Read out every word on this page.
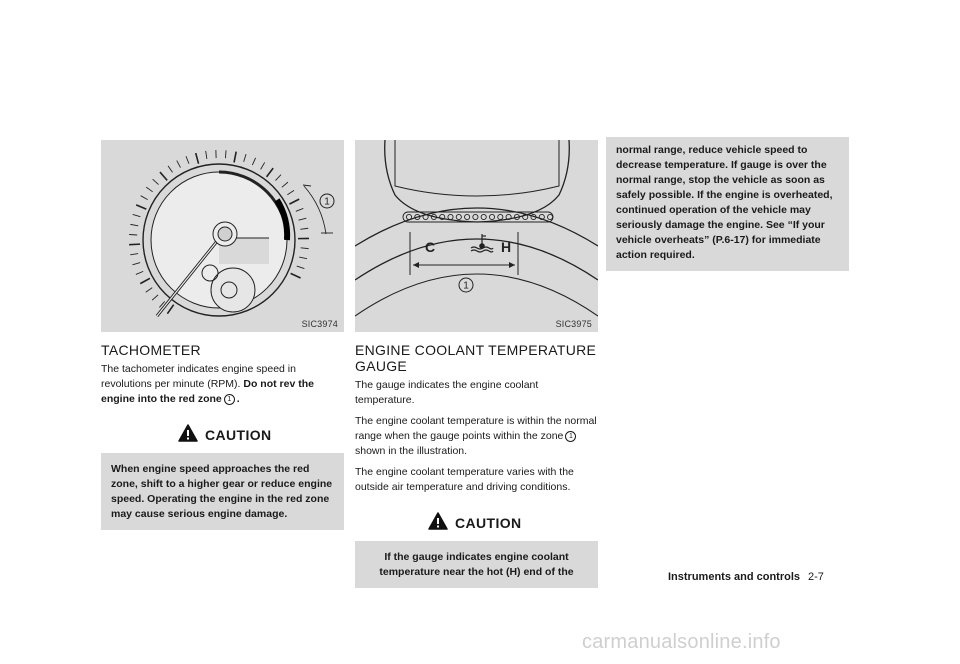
1
SIC3974
TACHOMETER

The tachometer indicates engine speed in revolutions per minute (RPM). Do not rev the engine into the red zone 1 .

CAUTION
When engine speed approaches the red zone, shift to a higher gear or reduce engine speed. Operating the engine in the red zone may cause serious engine damage.
C	H
1
SIC3975
ENGINE COOLANT TEMPERATURE GAUGE

The gauge indicates the engine coolant temperature.

The engine coolant temperature is within the normal range when the gauge points within the zone 1 shown in the illustration.

The engine coolant temperature varies with the outside air temperature and driving conditions.

CAUTION
If the gauge indicates engine coolant temperature near the hot (H) end of the
normal range, reduce vehicle speed to decrease temperature. If gauge is over the normal range, stop the vehicle as soon as safely possible. If the engine is overheated, continued operation of the vehicle may seriously damage the engine. See “If your vehicle overheats” (P.6-17) for immediate action required.
Instruments and controls 2-7
carmanualsonline.info
